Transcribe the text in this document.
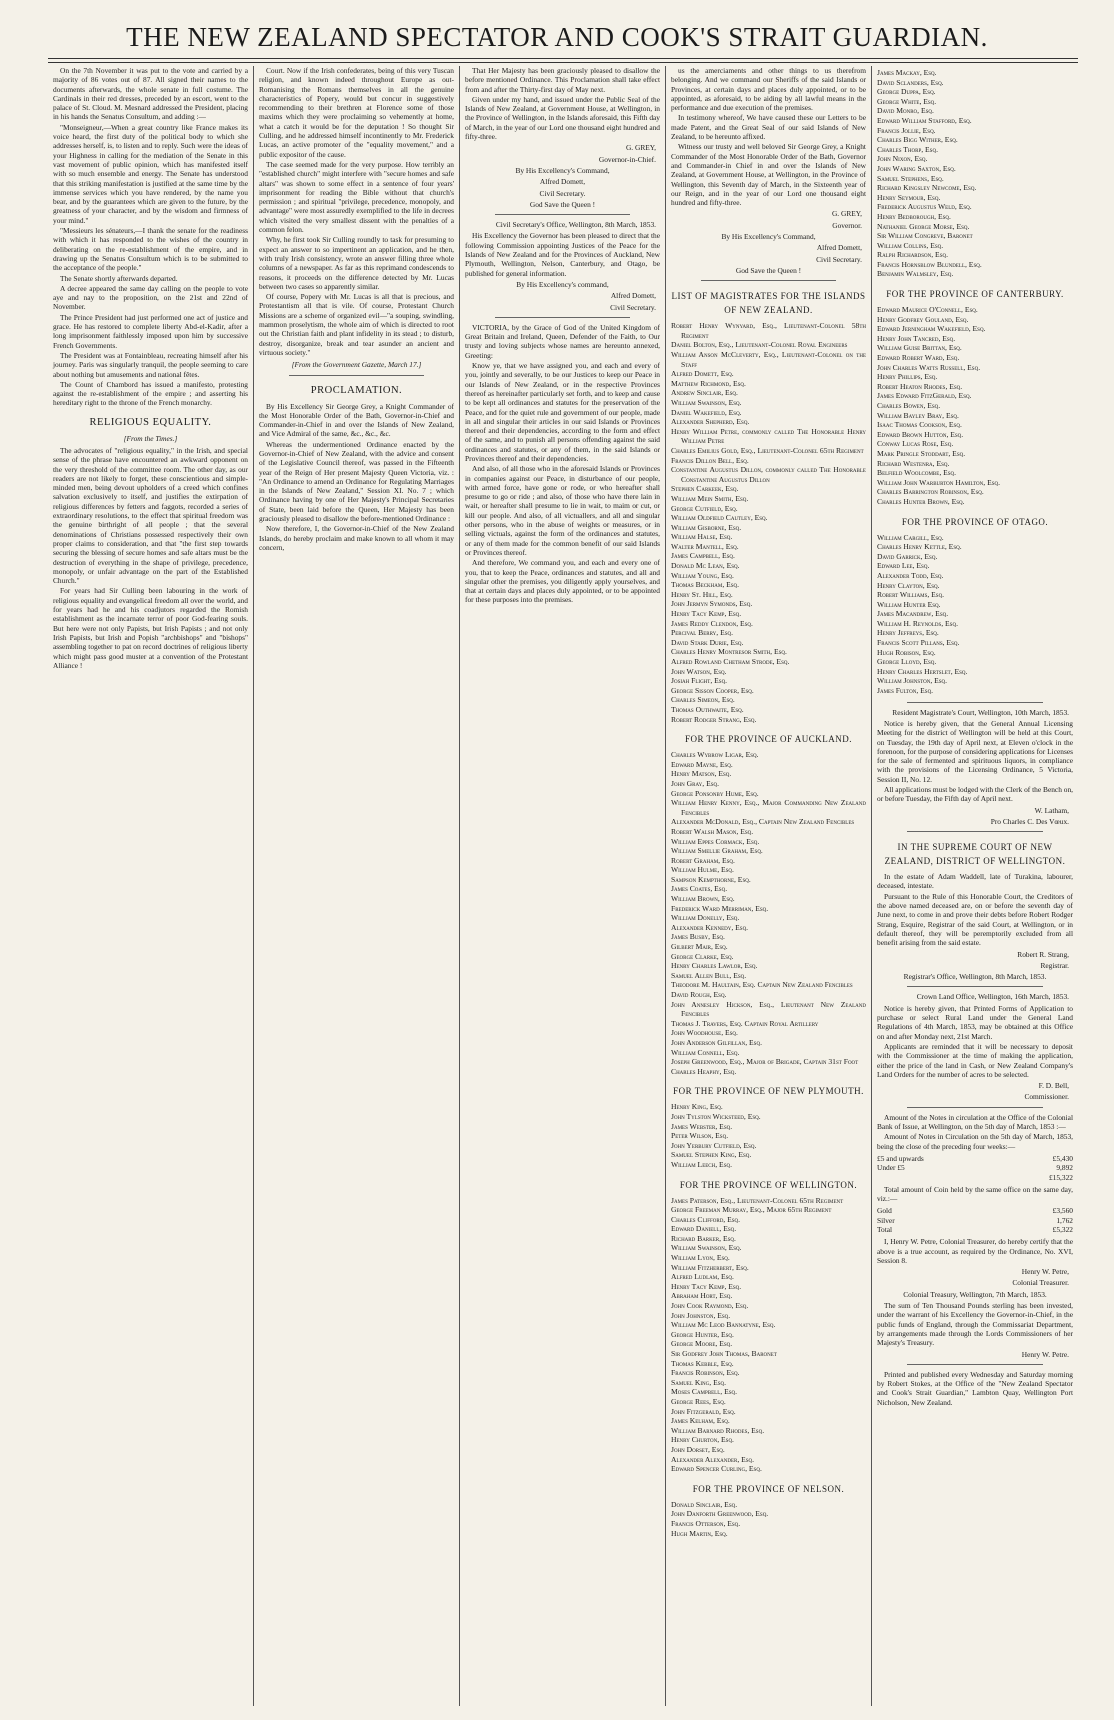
THE NEW ZEALAND SPECTATOR AND COOK'S STRAIT GUARDIAN.

On the 7th November it was put to the vote and carried by a majority of 86 votes out of 87. All signed their names to the documents afterwards, the whole senate in full costume. The Cardinals in their red dresses, preceded by an escort, went to the palace of St. Cloud. M. Mesnard addressed the President, placing in his hands the Senatus Consultum, and adding :—

"Monseigneur,—When a great country like France makes its voice heard, the first duty of the political body to which she addresses herself, is, to listen and to reply. Such were the ideas of your Highness in calling for the mediation of the Senate in this vast movement of public opinion, which has manifested itself with so much ensemble and energy. The Senate has understood that this striking manifestation is justified at the same time by the immense services which you have rendered, by the name you bear, and by the guarantees which are given to the future, by the greatness of your character, and by the wisdom and firmness of your mind."

"Messieurs les sénateurs,—I thank the senate for the readiness with which it has responded to the wishes of the country in deliberating on the re-establishment of the empire, and in drawing up the Senatus Consultum which is to be submitted to the acceptance of the people."

The Senate shortly afterwards departed.

A decree appeared the same day calling on the people to vote aye and nay to the proposition, on the 21st and 22nd of November.

The Prince President had just performed one act of justice and grace. He has restored to complete liberty Abd-el-Kadir, after a long imprisonment faithlessly imposed upon him by successive French Governments.

The President was at Fontainbleau, recreating himself after his journey. Paris was singularly tranquil, the people seeming to care about nothing but amusements and national fêtes.

The Count of Chambord has issued a manifesto, protesting against the re-establishment of the empire ; and asserting his hereditary right to the throne of the French monarchy.

RELIGIOUS EQUALITY.
[From the Times.]

The advocates of "religious equality," in the Irish, and special sense of the phrase have encountered an awkward opponent on the very threshold of the committee room. The other day, as our readers are not likely to forget, these conscientious and simple-minded men, being devout upholders of a creed which confines salvation exclusively to itself, and justifies the extirpation of religious differences by fetters and faggots, recorded a series of extraordinary resolutions, to the effect that spiritual freedom was the genuine birthright of all people ; that the several denominations of Christians possessed respectively their own proper claims to consideration, and that "the first step towards securing the blessing of secure homes and safe altars must be the destruction of everything in the shape of privilege, precedence, monopoly, or unfair advantage on the part of the Established Church."

For years had Sir Culling been labouring in the work of religious equality and evangelical freedom all over the world, and for years had he and his coadjutors regarded the Romish establishment as the incarnate terror of poor God-fearing souls. But here were not only Papists, but Irish Papists ; and not only Irish Papists, but Irish and Popish "archbishops" and "bishops" assembling together to pat on record doctrines of religious liberty which might pass good muster at a convention of the Protestant Alliance !

Court. Now if the Irish confederates, being of this very Tuscan religion, and known indeed throughout Europe as out-Romanising the Romans themselves in all the genuine characteristics of Popery, would but concur in suggestively recommending to their brethren at Florence some of those maxims which they were proclaiming so vehemently at home, what a catch it would be for the deputation ! So thought Sir Culling, and he addressed himself incontinently to Mr. Frederick Lucas, an active promoter of the "equality movement," and a public expositor of the cause.

The case seemed made for the very purpose. How terribly an "established church" might interfere with "secure homes and safe altars" was shown to some effect in a sentence of four years' imprisonment for reading the Bible without that church's permission ; and spiritual "privilege, precedence, monopoly, and advantage" were most assuredly exemplified to the life in decrees which visited the very smallest dissent with the penalties of a common felon.

Why, he first took Sir Culling roundly to task for presuming to expect an answer to so impertinent an application, and he then, with truly Irish consistency, wrote an answer filling three whole columns of a newspaper. As far as this reprimand condescends to reasons, it proceeds on the difference detected by Mr. Lucas between two cases so apparently similar.

Of course, Popery with Mr. Lucas is all that is precious, and Protestantism all that is vile. Of course, Protestant Church Missions are a scheme of organized evil—"a souping, swindling, mammon proselytism, the whole aim of which is directed to root out the Christian faith and plant infidelity in its stead ; to disturb, destroy, disorganize, break and tear asunder an ancient and virtuous society."

[From the Government Gazette, March 17.]
PROCLAMATION.

By His Excellency Sir George Grey, a Knight Commander of the Most Honorable Order of the Bath, Governor-in-Chief and Commander-in-Chief in and over the Islands of New Zealand, and Vice Admiral of the same, &c., &c., &c.

Whereas the undermentioned Ordinance enacted by the Governor-in-Chief of New Zealand, with the advice and consent of the Legislative Council thereof, was passed in the Fifteenth year of the Reign of Her present Majesty Queen Victoria, viz. : "An Ordinance to amend an Ordinance for Regulating Marriages in the Islands of New Zealand," Session XI. No. 7 ; which Ordinance having by one of Her Majesty's Principal Secretaries of State, been laid before the Queen, Her Majesty has been graciously pleased to disallow the before-mentioned Ordinance :

Now therefore, I, the Governor-in-Chief of the New Zealand Islands, do hereby proclaim and make known to all whom it may concern,

That Her Majesty has been graciously pleased to disallow the before mentioned Ordinance. This Proclamation shall take effect from and after the Thirty-first day of May next.

Given under my hand, and issued under the Public Seal of the Islands of New Zealand, at Government House, at Wellington, in the Province of Wellington, in the Islands aforesaid, this Fifth day of March, in the year of our Lord one thousand eight hundred and fifty-three.

G. GREY,
Governor-in-Chief.
By His Excellency's Command,
Alfred Domett,
Civil Secretary.
God Save the Queen !
Civil Secretary's Office, Wellington, 8th March, 1853.

His Excellency the Governor has been pleased to direct that the following Commission appointing Justices of the Peace for the Islands of New Zealand and for the Provinces of Auckland, New Plymouth, Wellington, Nelson, Canterbury, and Otago, be published for general information.

By His Excellency's command,
Alfred Domett,
Civil Secretary.

VICTORIA, by the Grace of God of the United Kingdom of Great Britain and Ireland, Queen, Defender of the Faith, to Our trusty and loving subjects whose names are hereunto annexed, Greeting:

Know ye, that we have assigned you, and each and every of you, jointly and severally, to be our Justices to keep our Peace in our Islands of New Zealand, or in the respective Provinces thereof as hereinafter particularly set forth, and to keep and cause to be kept all ordinances and statutes for the preservation of the Peace, and for the quiet rule and government of our people, made in all and singular their articles in our said Islands or Provinces thereof and their dependencies, according to the form and effect of the same, and to punish all persons offending against the said ordinances and statutes, or any of them, in the said Islands or Provinces thereof and their dependencies.

And also, of all those who in the aforesaid Islands or Provinces in companies against our Peace, in disturbance of our people, with armed force, have gone or rode, or who hereafter shall presume to go or ride ; and also, of those who have there lain in wait, or hereafter shall presume to lie in wait, to maim or cut, or kill our people. And also, of all victuallers, and all and singular other persons, who in the abuse of weights or measures, or in selling victuals, against the form of the ordinances and statutes, or any of them made for the common benefit of our said Islands or Provinces thereof.

And therefore, We command you, and each and every one of you, that to keep the Peace, ordinances and statutes, and all and singular other the premises, you diligently apply yourselves, and that at certain days and places duly appointed, or to be appointed for these purposes into the premises.

us the amerciaments and other things to us therefrom belonging. And we command our Sheriffs of the said Islands or Provinces, at certain days and places duly appointed, or to be appointed, as aforesaid, to be aiding by all lawful means in the performance and due execution of the premises.

In testimony whereof, We have caused these our Letters to be made Patent, and the Great Seal of our said Islands of New Zealand, to be hereunto affixed.

Witness our trusty and well beloved Sir George Grey, a Knight Commander of the Most Honorable Order of the Bath, Governor and Commander-in Chief in and over the Islands of New Zealand, at Government House, at Wellington, in the Province of Wellington, this Seventh day of March, in the Sixteenth year of our Reign, and in the year of our Lord one thousand eight hundred and fifty-three.

G. GREY,
Governor.
By His Excellency's Command,
Alfred Domett,
Civil Secretary.
God Save the Queen !
LIST OF MAGISTRATES FOR THE ISLANDS OF NEW ZEALAND.
Robert Henry Wynyard, Esq., Lieutenant-Colonel 58th Regiment
Daniel Bolton, Esq., Lieutenant-Colonel Royal Engineers
William Anson McCleverty, Esq., Lieutenant-Colonel on the Staff
Alfred Domett, Esq.
Matthew Richmond, Esq.
Andrew Sinclair, Esq.
William Swainson, Esq.
Daniel Wakefield, Esq.
Alexander Shepherd, Esq.
Henry William Petre, commonly called The Honorable Henry William Petre
Charles Emilius Gold, Esq., Lieutenant-Colonel 65th Regiment
Francis Dillon Bell, Esq.
Constantine Augustus Dillon, commonly called The Honorable Constantine Augustus Dillon
Stephen Carkeek, Esq.
William Mein Smith, Esq.
George Cutfield, Esq.
William Oldfield Cautley, Esq.
William Gisborne, Esq.
William Halse, Esq.
Walter Mantell, Esq.
James Campbell, Esq.
Donald Mc Lean, Esq.
William Young, Esq.
Thomas Beckham, Esq.
Henry St. Hill, Esq.
John Jermyn Symonds, Esq.
Henry Tacy Kemp, Esq.
James Reddy Clendon, Esq.
Percival Berry, Esq.
David Stark Durie, Esq.
Charles Henry Montresor Smith, Esq.
Alfred Rowland Chetham Strode, Esq.
John Watson, Esq.
Josiah Flight, Esq.
George Sisson Cooper, Esq.
Charles Simeon, Esq.
Thomas Outhwaite, Esq.
Robert Rodger Strang, Esq.
FOR THE PROVINCE OF AUCKLAND.
Charles Wybrow Ligar, Esq.
Edward Mayne, Esq.
Henry Matson, Esq.
John Gray, Esq.
George Ponsonby Hume, Esq.
William Henry Kenny, Esq., Major Commanding New Zealand Fencibles
Alexander McDonald, Esq., Captain New Zealand Fencibles
Robert Walsh Mason, Esq.
William Eppes Cormack, Esq.
William Smellie Graham, Esq.
Robert Graham, Esq.
William Hulme, Esq.
Sampson Kempthorne, Esq.
James Coates, Esq.
William Brown, Esq.
Frederick Ward Merriman, Esq.
William Donelly, Esq.
Alexander Kennedy, Esq.
James Busby, Esq.
Gilbert Mair, Esq.
George Clarke, Esq.
Henry Charles Lawlor, Esq.
Samuel Allen Bull, Esq.
Theodore M. Haultain, Esq. Captain New Zealand Fencibles
David Rough, Esq.
John Annesley Hickson, Esq., Lieutenant New Zealand Fencibles
Thomas J. Travers, Esq. Captain Royal Artillery
John Woodhouse, Esq.
John Anderson Gilfillan, Esq.
William Connell, Esq.
Joseph Greenwood, Esq., Major of Brigade, Captain 31st Foot
Charles Heaphy, Esq.
FOR THE PROVINCE OF NEW PLYMOUTH.
Henry King, Esq.
John Tylston Wicksteed, Esq.
James Webster, Esq.
Peter Wilson, Esq.
John Yerbury Cutfield, Esq.
Samuel Stephen King, Esq.
William Leech, Esq.
FOR THE PROVINCE OF WELLINGTON.
James Paterson, Esq., Lieutenant-Colonel 65th Regiment
George Freeman Murray, Esq., Major 65th Regiment
Charles Clifford, Esq.
Edward Daniell, Esq.
Richard Barker, Esq.
William Swainson, Esq.
William Lyon, Esq.
William Fitzherbert, Esq.
Alfred Ludlam, Esq.
Henry Tacy Kemp, Esq.
Abraham Hort, Esq.
John Cook Raymond, Esq.
John Johnston, Esq.
William Mc Leod Bannatyne, Esq.
George Hunter, Esq.
George Moore, Esq.
Sir Godfrey John Thomas, Baronet
Thomas Kebble, Esq.
Francis Robinson, Esq.
Samuel King, Esq.
Moses Campbell, Esq.
George Rees, Esq.
John Fitzgerald, Esq.
James Kelham, Esq.
William Barnard Rhodes, Esq.
Henry Churton, Esq.
John Dorset, Esq.
Alexander Alexander, Esq.
Edward Spencer Curling, Esq.
FOR THE PROVINCE OF NELSON.
Donald Sinclair, Esq.
John Danforth Greenwood, Esq.
Francis Otterson, Esq.
Hugh Martin, Esq.
James Mackay, Esq.
David Sclanders, Esq.
George Duppa, Esq.
George White, Esq.
David Monro, Esq.
Edward William Stafford, Esq.
Francis Jollie, Esq.
Charles Bigg Wither, Esq.
Charles Thorp, Esq.
John Nixon, Esq.
John Waring Saxton, Esq.
Samuel Stephens, Esq.
Richard Kingsley Newcome, Esq.
Henry Seymour, Esq.
Frederick Augustus Weld, Esq.
Henry Bedborough, Esq.
Nathaniel George Morse, Esq.
Sir William Congreve, Baronet
William Collins, Esq.
Ralph Richardson, Esq.
Francis Hornsblow Blundell, Esq.
Benjamin Walmsley, Esq.
FOR THE PROVINCE OF CANTERBURY.
Edward Maurice O'Connell, Esq.
Henry Godfrey Gouland, Esq.
Edward Jerningham Wakefield, Esq.
Henry John Tancred, Esq.
William Guise Brittan, Esq.
Edward Robert Ward, Esq.
John Charles Watts Russell, Esq.
Henry Phillips, Esq.
Robert Heaton Rhodes, Esq.
James Edward FitzGerald, Esq.
Charles Bowen, Esq.
William Bayley Bray, Esq.
Isaac Thomas Cookson, Esq.
Edward Brown Hutton, Esq.
Conway Lucas Rose, Esq.
Mark Pringle Stoddart, Esq.
Richard Westenra, Esq.
Belfield Woolcombe, Esq.
William John Warburton Hamilton, Esq.
Charles Barrington Robinson, Esq.
Charles Hunter Brown, Esq.
FOR THE PROVINCE OF OTAGO.
William Cargill, Esq.
Charles Henry Kettle, Esq.
David Garrick, Esq.
Edward Lee, Esq.
Alexander Todd, Esq.
Henry Clayton, Esq.
Robert Williams, Esq.
William Hunter Esq.
James Macandrew, Esq.
William H. Reynolds, Esq.
Henry Jeffreys, Esq.
Francis Scott Pillans, Esq.
Hugh Robison, Esq.
George Lloyd, Esq.
Henry Charles Hertslet, Esq.
William Johnston, Esq.
James Fulton, Esq.
Resident Magistrate's Court, Wellington, 10th March, 1853.

Notice is hereby given, that the General Annual Licensing Meeting for the district of Wellington will be held at this Court, on Tuesday, the 19th day of April next, at Eleven o'clock in the forenoon, for the purpose of considering applications for Licenses for the sale of fermented and spirituous liquors, in compliance with the provisions of the Licensing Ordinance, 5 Victoria, Session II, No. 12.

All applications must be lodged with the Clerk of the Bench on, or before Tuesday, the Fifth day of April next.

W. Latham,
Pro Charles C. Des Vœux.
IN THE SUPREME COURT OF NEW ZEALAND, DISTRICT OF WELLINGTON.

In the estate of Adam Waddell, late of Turakina, labourer, deceased, intestate.

Pursuant to the Rule of this Honorable Court, the Creditors of the above named deceased are, on or before the seventh day of June next, to come in and prove their debts before Robert Rodger Strang, Esquire, Registrar of the said Court, at Wellington, or in default thereof, they will be peremptorily excluded from all benefit arising from the said estate.

Robert R. Strang,
Registrar.
Registrar's Office, Wellington, 8th March, 1853.
Crown Land Office, Wellington, 16th March, 1853.

Notice is hereby given, that Printed Forms of Application to purchase or select Rural Land under the General Land Regulations of 4th March, 1853, may be obtained at this Office on and after Monday next, 21st March.

Applicants are reminded that it will be necessary to deposit with the Commissioner at the time of making the application, either the price of the land in Cash, or New Zealand Company's Land Orders for the number of acres to be selected.

F. D. Bell,
Commissioner.

Amount of the Notes in circulation at the Office of the Colonial Bank of Issue, at Wellington, on the 5th day of March, 1853 :—

Amount of Notes in Circulation on the 5th day of March, 1853, being the close of the preceding four weeks:—

£5 and upwards	£5,430
Under £5	9,892
£15,322

Total amount of Coin held by the same office on the same day, viz.:—

Gold	£3,560
Silver	1,762
Total	£5,322

I, Henry W. Petre, Colonial Treasurer, do hereby certify that the above is a true account, as required by the Ordinance, No. XVI, Session 8.

Henry W. Petre,
Colonial Treasurer.
Colonial Treasury, Wellington, 7th March, 1853.

The sum of Ten Thousand Pounds sterling has been invested, under the warrant of his Excellency the Governor-in-Chief, in the public funds of England, through the Commissariat Department, by arrangements made through the Lords Commissioners of her Majesty's Treasury.

Henry W. Petre.

Printed and published every Wednesday and Saturday morning by Robert Stokes, at the Office of the "New Zealand Spectator and Cook's Strait Guardian," Lambton Quay, Wellington Port Nicholson, New Zealand.
